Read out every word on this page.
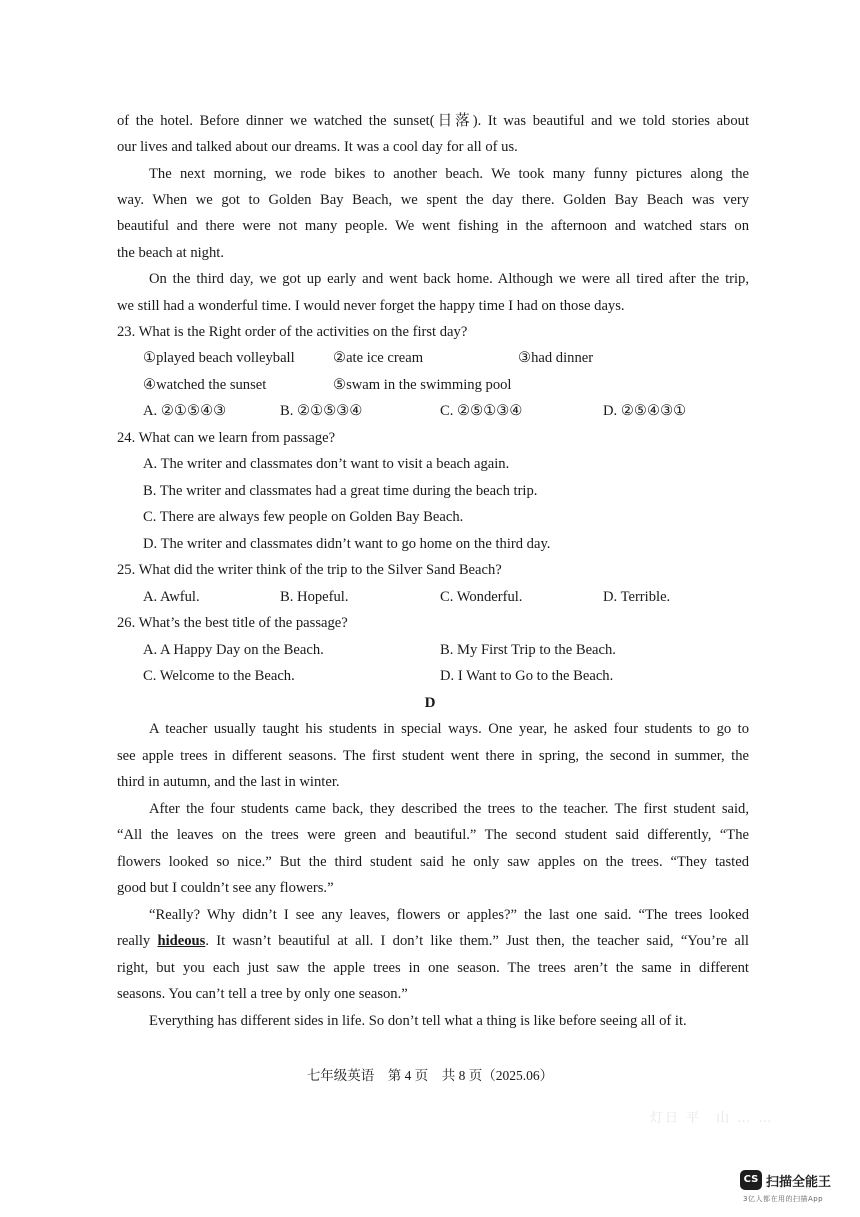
of the hotel. Before dinner we watched the sunset(日落). It was beautiful and we told stories about
our lives and talked about our dreams. It was a cool day for all of us.
The next morning, we rode bikes to another beach. We took many funny pictures along the
way. When we got to Golden Bay Beach, we spent the day there. Golden Bay Beach was very
beautiful and there were not many people. We went fishing in the afternoon and watched stars on
the beach at night.
On the third day, we got up early and went back home. Although we were all tired after the trip,
we still had a wonderful time. I would never forget the happy time I had on those days.
23. What is the Right order of the activities on the first day?
①played beach volleyball	②ate ice cream	③had dinner
④watched the sunset	⑤swam in the swimming pool
A. ②①⑤④③	B. ②①⑤③④	C. ②⑤①③④	D. ②⑤④③①
24. What can we learn from passage?
A. The writer and classmates don’t want to visit a beach again.
B. The writer and classmates had a great time during the beach trip.
C. There are always few people on Golden Bay Beach.
D. The writer and classmates didn’t want to go home on the third day.
25. What did the writer think of the trip to the Silver Sand Beach?
A. Awful.	B. Hopeful.	C. Wonderful.	D. Terrible.
26. What’s the best title of the passage?
A. A Happy Day on the Beach.	B. My First Trip to the Beach.
C. Welcome to the Beach.	D. I Want to Go to the Beach.
D
A teacher usually taught his students in special ways. One year, he asked four students to go to
see apple trees in different seasons. The first student went there in spring, the second in summer, the
third in autumn, and the last in winter.
After the four students came back, they described the trees to the teacher. The first student said,
“All the leaves on the trees were green and beautiful.” The second student said differently, “The
flowers looked so nice.” But the third student said he only saw apples on the trees. “They tasted
good but I couldn’t see any flowers.”
“Really? Why didn’t I see any leaves, flowers or apples?” the last one said. “The trees looked
really hideous. It wasn’t beautiful at all. I don’t like them.” Just then, the teacher said, “You’re all
right, but you each just saw the apple trees in one season. The trees aren’t the same in different
seasons. You can’t tell a tree by only one season.”
Everything has different sides in life. So don’t tell what a thing is like before seeing all of it.
七年级英语　第 4 页　共 8 页（2025.06）
灯日 平　山 … …
CS 扫描全能王
3亿人都在用的扫描App
